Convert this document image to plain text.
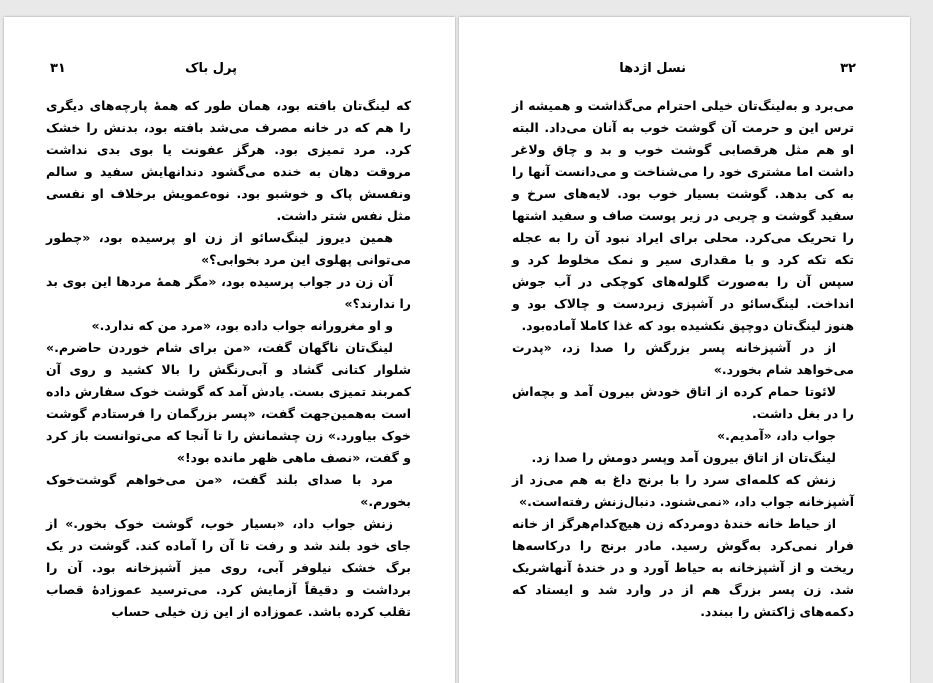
پرل باک
۳۱

که لینگ‌تان بافته بود، همان طور که همهٔ پارچه‌های دیگری را هم که در خانه مصرف می‌شد بافته بود، بدنش را خشک کرد. مرد تمیزی بود. هرگز عفونت یا بوی بدی نداشت مروقت دهان به خنده می‌گشود دندانهایش سفید و سالم ونفسش پاک و خوشبو بود. نوه‌عمویش برخلاف او نفسی مثل نفس شتر داشت.

همین دیروز لینگ‌سائو از زن او پرسیده بود، «چطور می‌توانی پهلوی این مرد بخوابی؟»

آن زن در جواب پرسیده بود، «مگر همهٔ مردها این بوی بد را ندارند؟»

و او مغرورانه جواب داده بود، «مرد من که ندارد.»

لینگ‌تان ناگهان گفت، «من برای شام خوردن حاضرم.» شلوار کتانی گشاد و آبی‌رنگش را بالا کشید و روی آن کمربند تمیزی بست. یادش آمد که گوشت خوک سفارش داده است به‌همین‌جهت گفت، «پسر بزرگمان را فرستادم گوشت خوک بیاورد.» زن چشمانش را تا آنجا که می‌توانست باز کرد و گفت، «نصف ماهی ظهر مانده بود!»

مرد با صدای بلند گفت، «من می‌خواهم گوشت‌خوک بخورم.»

زنش جواب داد، «بسیار خوب، گوشت خوک بخور.» از جای خود بلند شد و رفت تا آن را آماده کند. گوشت در یک برگ خشک نیلوفر آبی، روی میز آشپزخانه بود. آن را برداشت و دقیقاً آزمایش کرد. می‌ترسید عموزادهٔ قصاب تقلب کرده باشد. عموزاده از این زن خیلی حساب

نسل اژدها	۳۲

می‌برد و به‌لینگ‌تان خیلی احترام می‌گذاشت و همیشه از ترس این و حرمت آن گوشت خوب به آنان می‌داد. البته او هم مثل هرقصابی گوشت خوب و بد و چاق ولاغر داشت اما مشتری خود را می‌شناخت و می‌دانست آنها را به کی بدهد. گوشت بسیار خوب بود. لایه‌های سرخ و سفید گوشت و چربی در زیر پوست صاف و سفید اشتها را تحریک می‌کرد. محلی برای ایراد نبود آن را به عجله تکه تکه کرد و با مقداری سیر و نمک مخلوط کرد و سپس آن را به‌صورت گلوله‌های کوچکی در آب جوش انداخت. لینگ‌سائو در آشپزی زبردست و چالاک بود و هنوز لینگ‌تان دوچپق نکشیده بود که غذا کاملا آماده‌بود.

از در آشپزخانه پسر بزرگش را صدا زد، «پدرت می‌خواهد شام بخورد.»

لائوتا حمام کرده از اتاق خودش بیرون آمد و بچه‌اش را در بغل داشت.

جواب داد، «آمدیم.»

لینگ‌تان از اتاق بیرون آمد وپسر دومش را صدا زد.

زنش که کلمه‌ای سرد را با برنج داغ به هم می‌زد از آشپزخانه جواب داد، «نمی‌شنود. دنبال‌زنش رفته‌است.»

از حیاط خانه خندهٔ دومردکه زن هیچ‌کدام‌هرگز از خانه فرار نمی‌کرد به‌گوش رسید. مادر برنج را درکاسه‌ها ریخت و از آشپزخانه به حیاط آورد و در خندهٔ آنهاشریک شد. زن پسر بزرگ هم از در وارد شد و ایستاد که دکمه‌های ژاکتش را ببندد.
